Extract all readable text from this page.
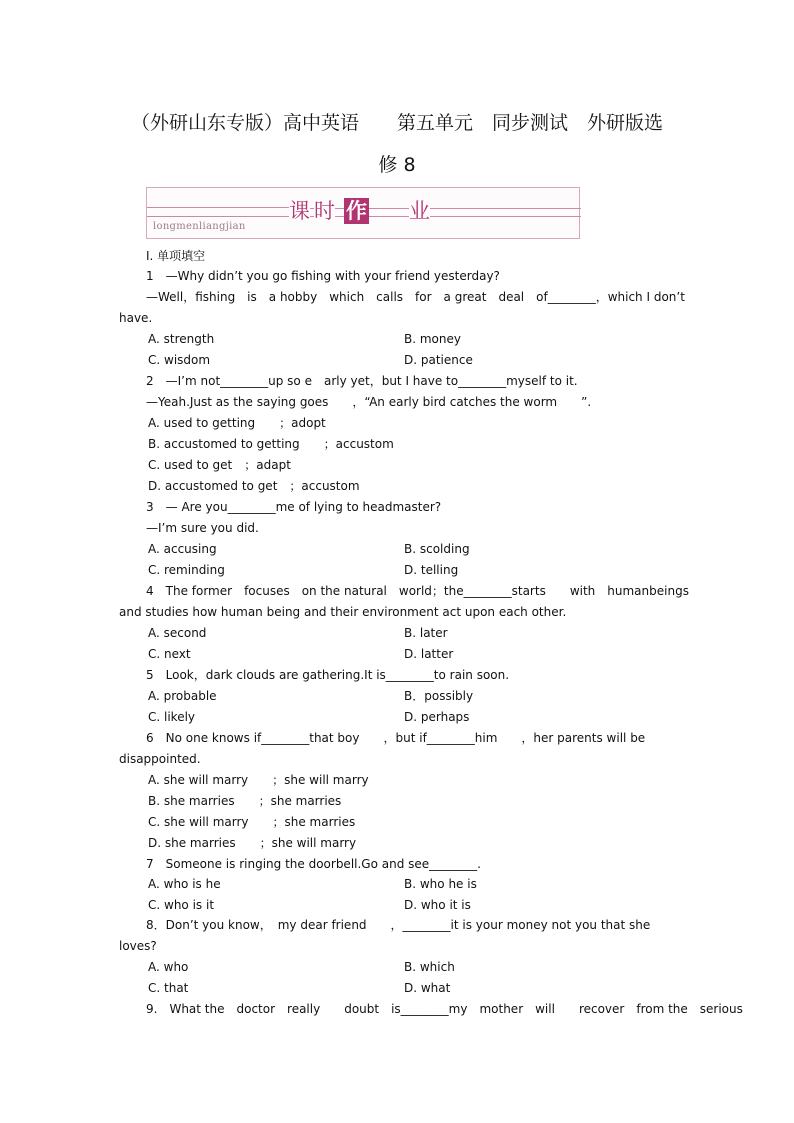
（外研山东专版）高中英语　　第五单元　同步测试　外研版选
修 8
longmenliangjian
课 时 作 业
Ⅰ. 单项填空
1　—Why didn’t you go fishing with your friend yesterday?
—Well，fishing　is　a hobby　which　calls　for　a great　deal　of________，which I don’t
have.
A. strength	B. money
C. wisdom	D. patience
2　—I’m not________up so e　arly yet，but I have to________myself to it.
—Yeah.Just as the saying goes　　，“An early bird catches the worm　　”.
A. used to getting　　；adopt
B. accustomed to getting　　；accustom
C. used to get　；adapt
D. accustomed to get　；accustom
3　— Are you________me of lying to headmaster?
—I’m sure you did.
A. accusing	B. scolding
C. reminding	D. telling
4　The former　focuses　on the natural　world；the________starts　　with　humanbeings
and studies how human being and their environment act upon each other.
A. second	B. later
C. next	D. latter
5　Look，dark clouds are gathering.It is________to rain soon.
A. probable	B．possibly
C. likely	D. perhaps
6　No one knows if________that boy　　，but if________him　　，her parents will be
disappointed.
A. she will marry　　；she will marry
B. she marries　　；she marries
C. she will marry　　；she marries
D. she marries　　；she will marry
7　Someone is ringing the doorbell.Go and see________.
A. who is he	B. who he is
C. who is it	D. who it is
8．Don’t you know，　my dear friend　　，________it is your money not you that she
loves?
A. who	B. which
C. that	D. what
9.　What the　doctor　really　　doubt　is________my　mother　will　　recover　from the　serious
